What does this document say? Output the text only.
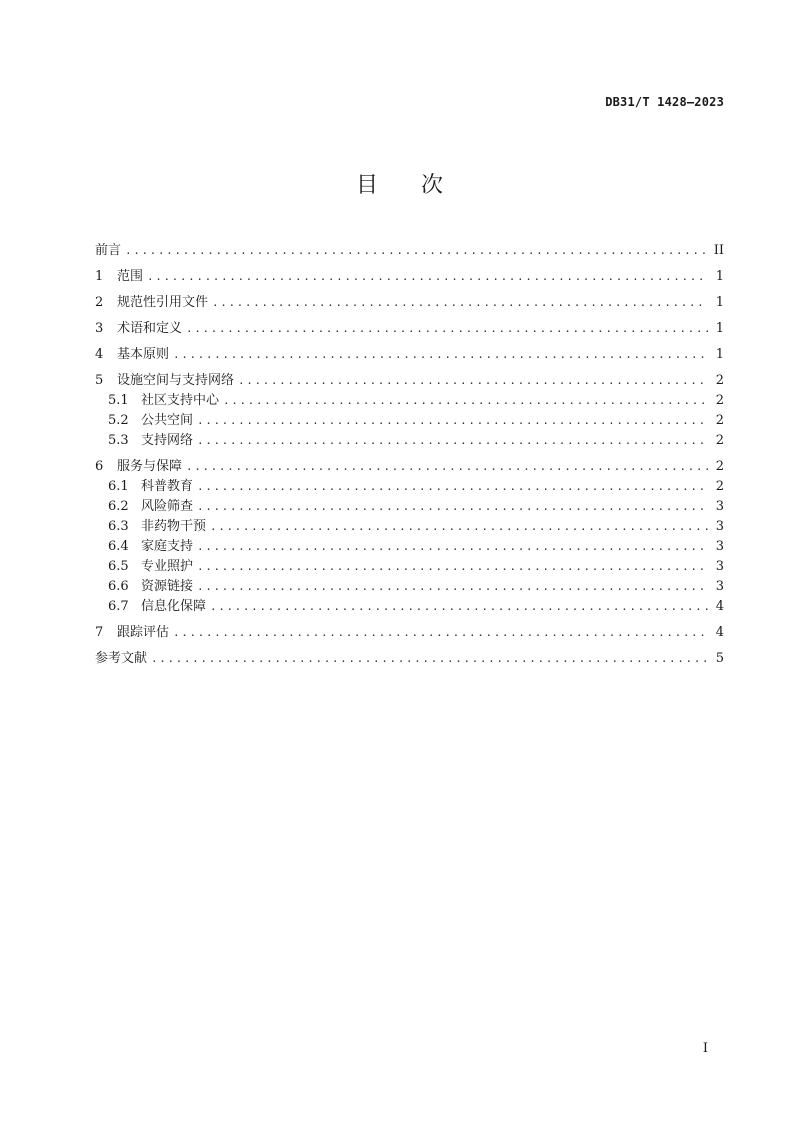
DB31/T 1428—2023
目 次
前言 .....	II
1	范围 .....	1
2	规范性引用文件 .....	1
3	术语和定义 .....	1
4	基本原则 .....	1
5	设施空间与支持网络 .....	2
5.1 社区支持中心 .....	2
5.2 公共空间 .....	2
5.3 支持网络 .....	2
6	服务与保障 .....	2
6.1 科普教育 .....	2
6.2 风险筛查 .....	3
6.3 非药物干预 .....	3
6.4 家庭支持 .....	3
6.5 专业照护 .....	3
6.6 资源链接 .....	3
6.7 信息化保障 .....	4
7	跟踪评估 .....	4
参考文献 .....	5
I
